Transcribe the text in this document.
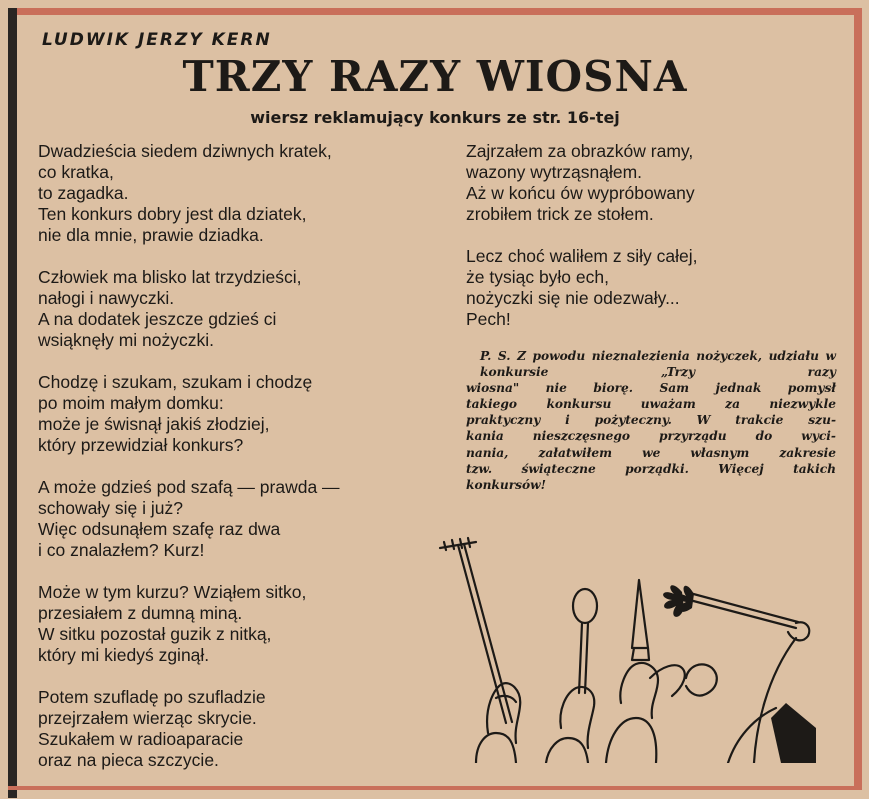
LUDWIK JERZY KERN
TRZY RAZY WIOSNA
wiersz reklamujący konkurs ze str. 16-tej
Dwadzieścia siedem dziwnych kratek,
co kratka,
to zagadka.
Ten konkurs dobry jest dla dziatek,
nie dla mnie, prawie dziadka.
Człowiek ma blisko lat trzydzieści,
nałogi i nawyczki.
A na dodatek jeszcze gdzieś ci
wsiąknęły mi nożyczki.
Chodzę i szukam, szukam i chodzę
po moim małym domku:
może je świsnął jakiś złodziej,
który przewidział konkurs?
A może gdzieś pod szafą — prawda —
schowały się i już?
Więc odsunąłem szafę raz dwa
i co znalazłem? Kurz!
Może w tym kurzu? Wziąłem sitko,
przesiałem z dumną miną.
W sitku pozostał guzik z nitką,
który mi kiedyś zginął.
Potem szufladę po szufladzie
przejrzałem wierząc skrycie.
Szukałem w radioaparacie
oraz na pieca szczycie.
Zajrzałem za obrazków ramy,
wazony wytrząsnąłem.
Aż w końcu ów wypróbowany
zrobiłem trick ze stołem.
Lecz choć waliłem z siły całej,
że tysiąc było ech,
nożyczki się nie odezwały...
Pech!
P. S. Z powodu nieznalezienia nożyczek, udziału w konkursie „Trzy razy
wiosna" nie biorę. Sam jednak pomysł
takiego konkursu uważam za niezwykle
praktyczny i pożyteczny. W trakcie szu-
kania nieszczęsnego przyrządu do wyci-
nania, załatwiłem we własnym zakresie
tzw. świąteczne porządki. Więcej takich
konkursów!
